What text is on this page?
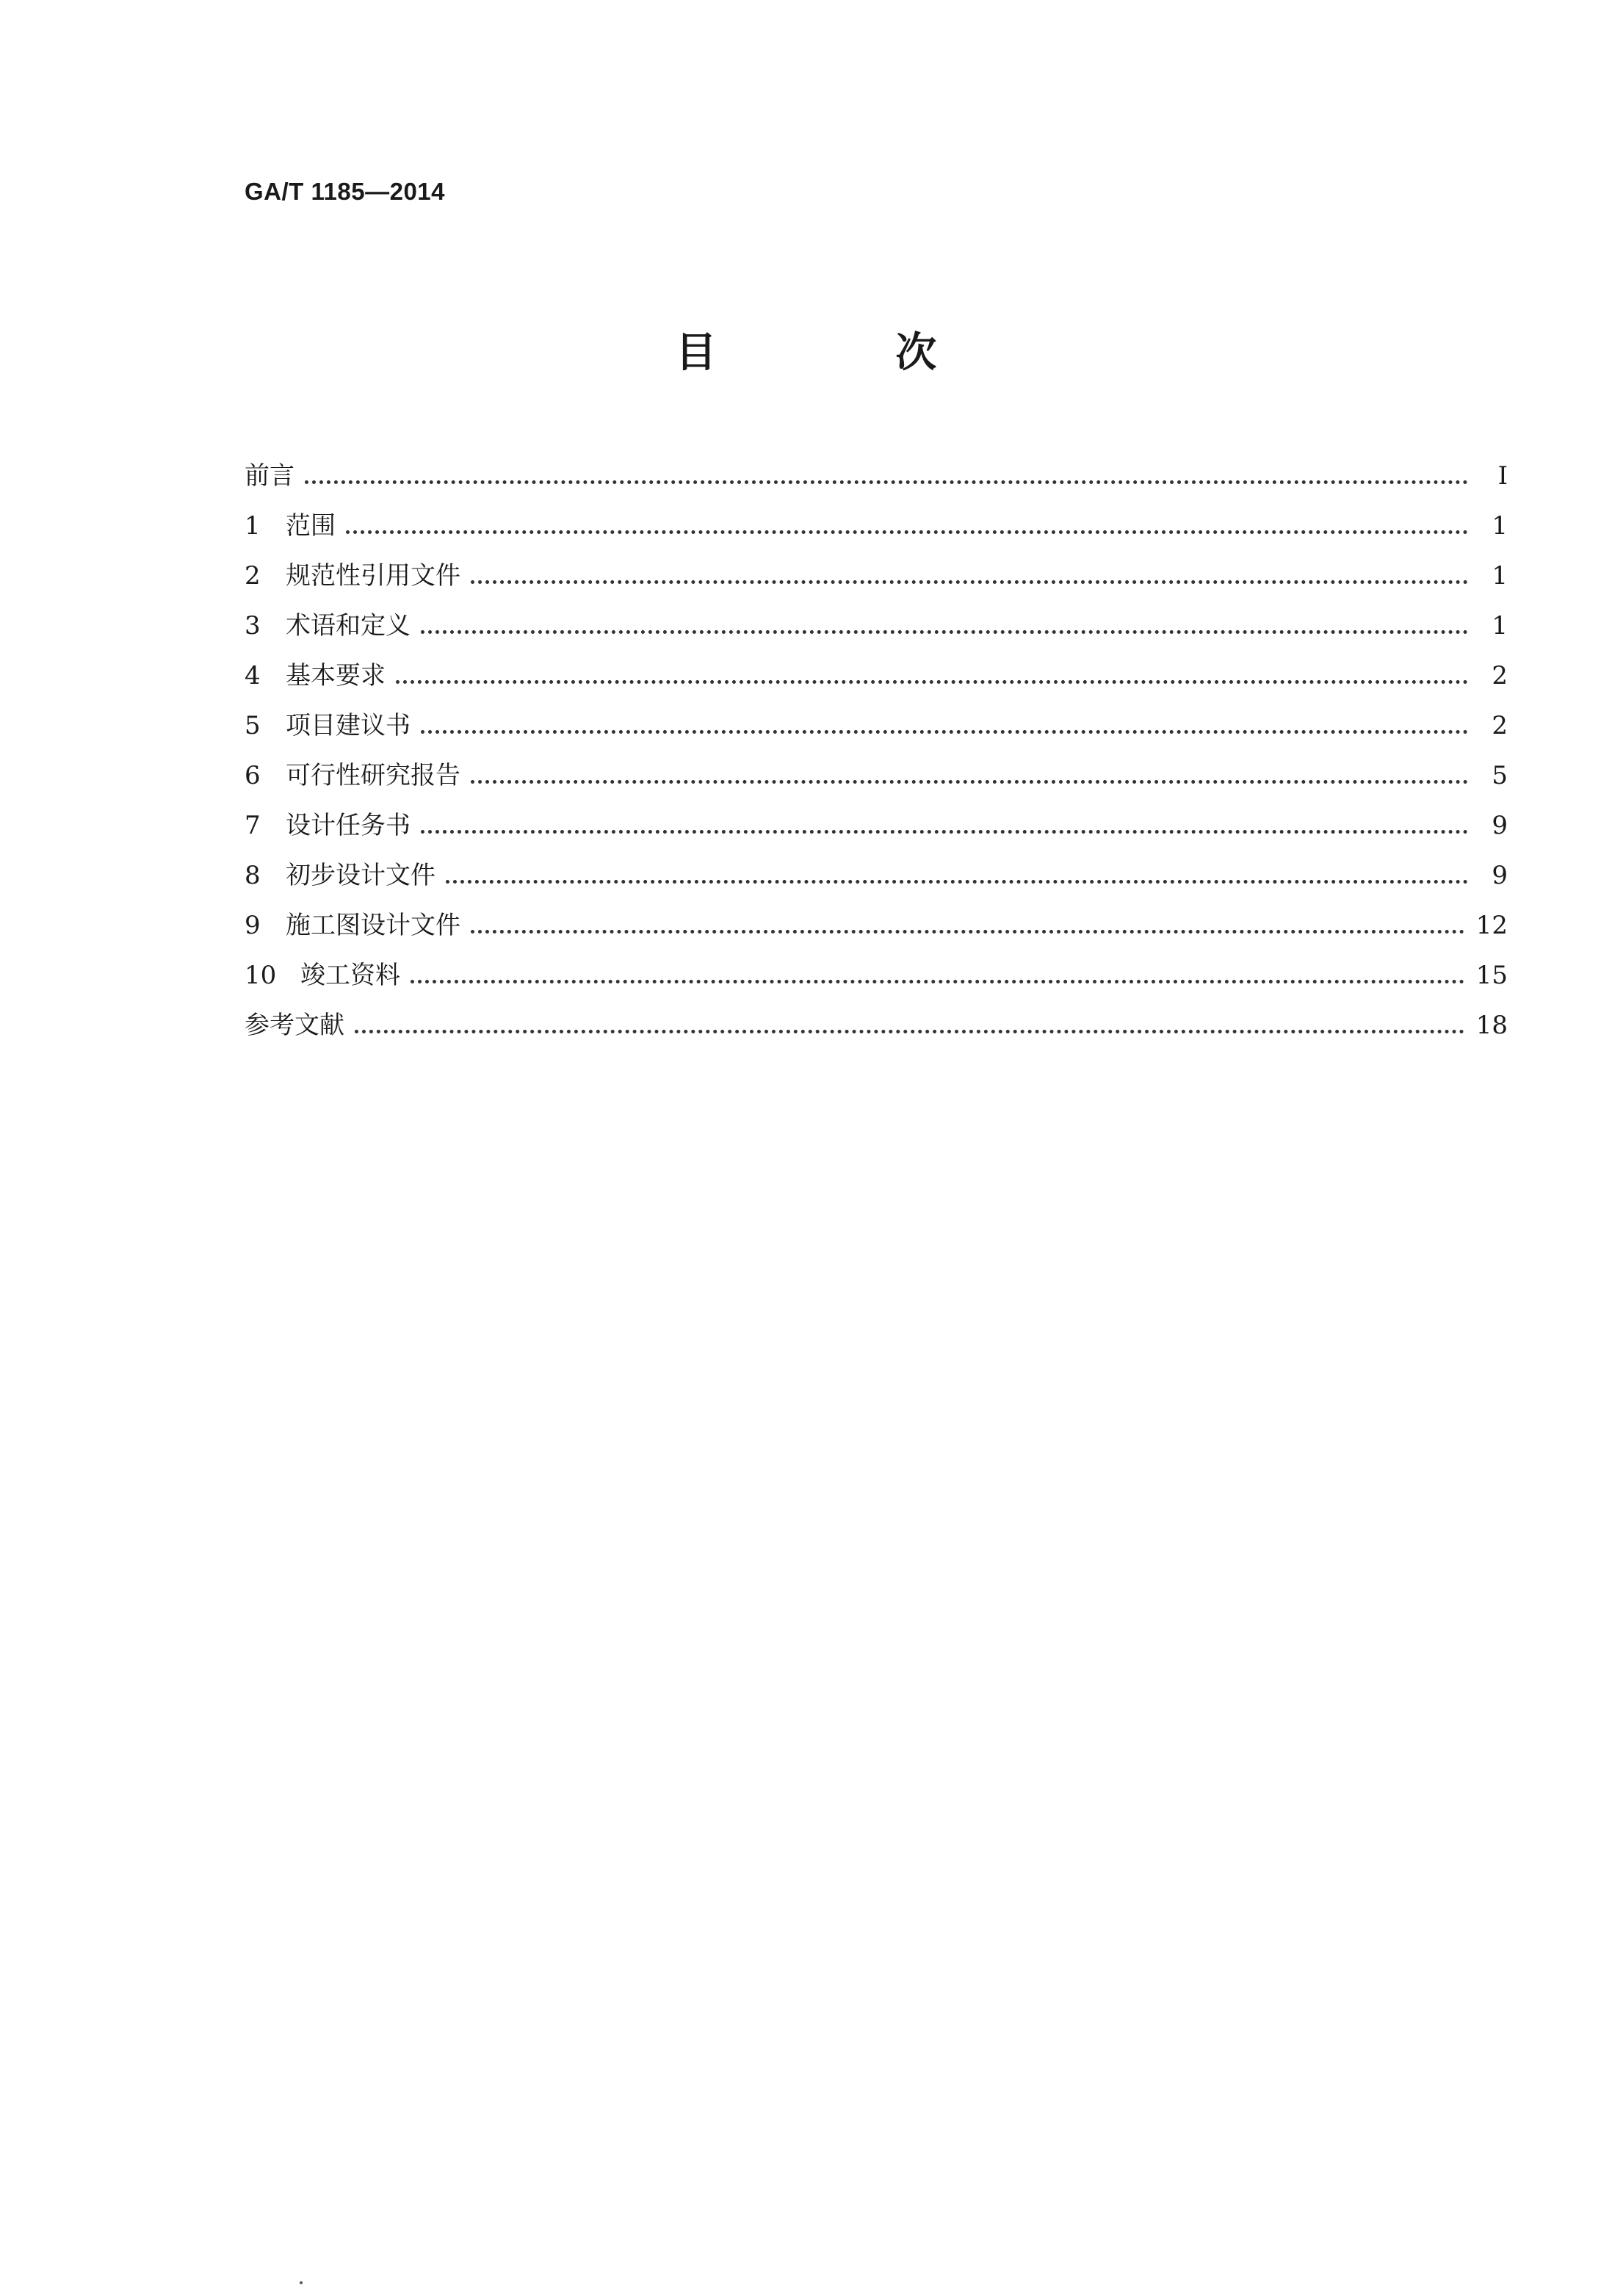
GA/T 1185—2014
目 次
前言	I
1	范围	1
2	规范性引用文件	1
3	术语和定义	1
4	基本要求	2
5	项目建议书	2
6	可行性研究报告	5
7	设计任务书	9
8	初步设计文件	9
9	施工图设计文件	12
10 竣工资料	15
参考文献	18
